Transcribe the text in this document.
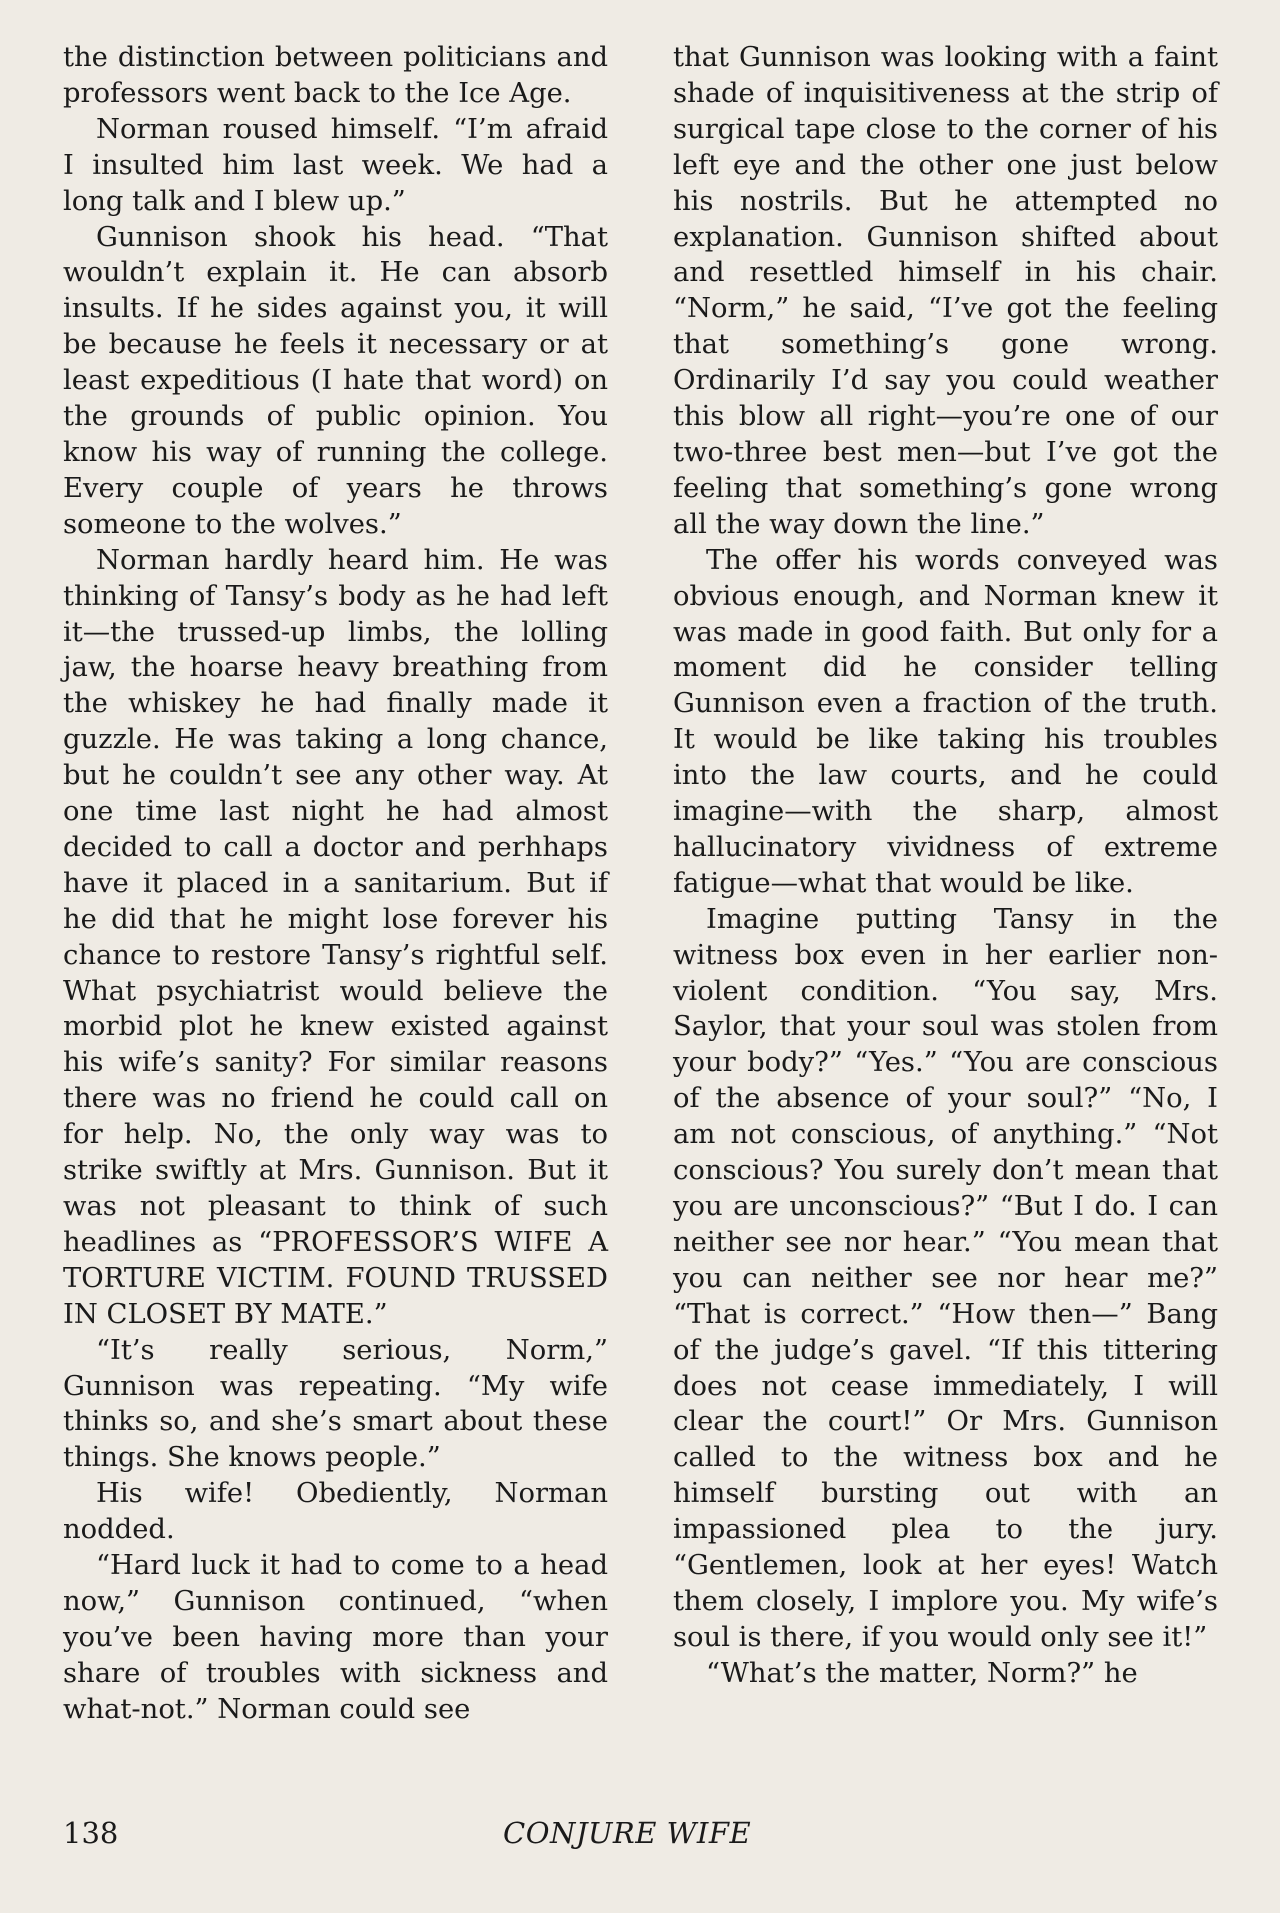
the distinction between politicians and professors went back to the Ice Age.

Norman roused himself. “I’m afraid I insulted him last week. We had a long talk and I blew up.”

Gunnison shook his head. “That wouldn’t explain it. He can absorb insults. If he sides against you, it will be because he feels it necessary or at least expeditious (I hate that word) on the grounds of public opinion. You know his way of running the college. Every couple of years he throws someone to the wolves.”

Norman hardly heard him. He was thinking of Tansy’s body as he had left it—the trussed-up limbs, the lolling jaw, the hoarse heavy breathing from the whiskey he had finally made it guzzle. He was taking a long chance, but he couldn’t see any other way. At one time last night he had almost decided to call a doctor and perhhaps have it placed in a sanitarium. But if he did that he might lose forever his chance to restore Tansy’s rightful self. What psychiatrist would believe the morbid plot he knew existed against his wife’s sanity? For similar reasons there was no friend he could call on for help. No, the only way was to strike swiftly at Mrs. Gunnison. But it was not pleasant to think of such headlines as “PROFESSOR’S WIFE A TORTURE VICTIM. FOUND TRUSSED IN CLOSET BY MATE.”

“It’s really serious, Norm,” Gunnison was repeating. “My wife thinks so, and she’s smart about these things. She knows people.”

His wife! Obediently, Norman nodded.

“Hard luck it had to come to a head now,” Gunnison continued, “when you’ve been having more than your share of troubles with sickness and what-not.” Norman could see

that Gunnison was looking with a faint shade of inquisitiveness at the strip of surgical tape close to the corner of his left eye and the other one just below his nostrils. But he attempted no explanation. Gunnison shifted about and resettled himself in his chair. “Norm,” he said, “I’ve got the feeling that something’s gone wrong. Ordinarily I’d say you could weather this blow all right—you’re one of our two-three best men—but I’ve got the feeling that something’s gone wrong all the way down the line.”

The offer his words conveyed was obvious enough, and Norman knew it was made in good faith. But only for a moment did he consider telling Gunnison even a fraction of the truth. It would be like taking his troubles into the law courts, and he could imagine—with the sharp, almost hallucinatory vividness of extreme fatigue—what that would be like.

Imagine putting Tansy in the witness box even in her earlier non-violent condition. “You say, Mrs. Saylor, that your soul was stolen from your body?” “Yes.” “You are conscious of the absence of your soul?” “No, I am not conscious, of anything.” “Not conscious? You surely don’t mean that you are unconscious?” “But I do. I can neither see nor hear.” “You mean that you can neither see nor hear me?” “That is correct.” “How then—” Bang of the judge’s gavel. “If this tittering does not cease immediately, I will clear the court!” Or Mrs. Gunnison called to the witness box and he himself bursting out with an impassioned plea to the jury. “Gentlemen, look at her eyes! Watch them closely, I implore you. My wife’s soul is there, if you would only see it!”

“What’s the matter, Norm?” he

138	CONJURE WIFE
